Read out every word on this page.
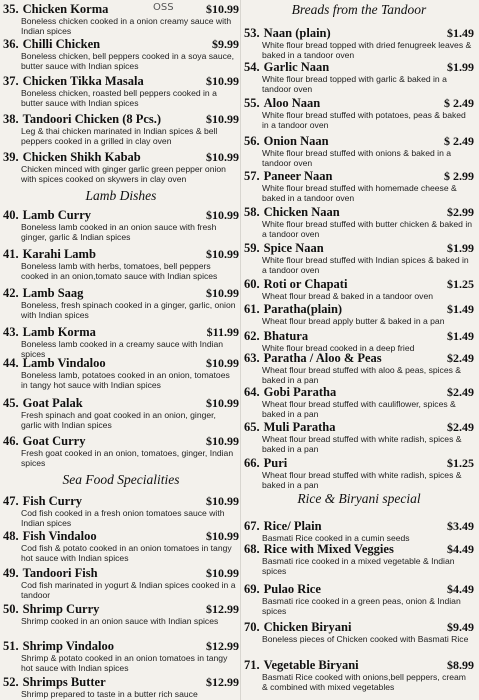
OSS
35. Chicken Korma	$10.99
Boneless chicken cooked in a onion creamy sauce with Indian spices
36. Chilli Chicken	$9.99
Boneless chicken, bell peppers cooked in a soya sauce, butter sauce with Indian spices
37. Chicken Tikka Masala	$10.99
Boneless chicken, roasted bell peppers cooked in a butter sauce with Indian spices
38. Tandoori Chicken (8 Pcs.)	$10.99
Leg & thai chicken marinated in Indian spices & bell peppers cooked in a grilled in clay oven
39. Chicken Shikh Kabab	$10.99
Chicken minced with ginger garlic green pepper onion with spices cooked on skywers in clay oven
Lamb Dishes
40. Lamb Curry	$10.99
Boneless lamb cooked in an onion sauce with fresh ginger, garlic & Indian spices
41. Karahi Lamb	$10.99
Boneless lamb with herbs, tomatoes, bell peppers cooked in an onion,tomato sauce with Indian spices
42. Lamb Saag	$10.99
Boneless, fresh spinach cooked in a ginger, garlic, onion with Indian spices
43. Lamb Korma	$11.99
Boneless lamb cooked in a creamy sauce with Indian spices
44. Lamb Vindaloo	$10.99
Boneless lamb, potatoes cooked in an onion, tomatoes in tangy hot sauce with Indian spices
45. Goat Palak	$10.99
Fresh spinach and goat cooked in an onion, ginger, garlic with Indian spices
46. Goat Curry	$10.99
Fresh goat cooked in an onion, tomatoes, ginger, Indian spices
Sea Food Specialities
47. Fish Curry	$10.99
Cod fish cooked in a fresh onion tomatoes sauce with Indian spices
48. Fish Vindaloo	$10.99
Cod fish & potato cooked in an onion tomatoes in tangy hot sauce with Indian spices
49. Tandoori Fish	$10.99
Cod fish marinated in yogurt & Indian spices cooked in a tandoor
50. Shrimp Curry	$12.99
Shrimp cooked in an onion sauce with Indian spices
51. Shrimp Vindaloo	$12.99
Shrimp & potato cooked in an onion tomatoes in tangy hot sauce with Indian spices
52. Shrimps Butter	$12.99
Shrimp prepared to taste in a butter rich sauce
Breads from the Tandoor
53. Naan (plain)	$1.49
White flour bread topped with dried fenugreek leaves & baked in a tandoor oven
54. Garlic Naan	$1.99
White flour bread topped with garlic & baked in a tandoor oven
55. Aloo Naan	$ 2.49
White flour bread stuffed with potatoes, peas & baked in a tandoor oven
56. Onion Naan	$ 2.49
White flour bread stuffed with onions & baked in a tandoor oven
57. Paneer Naan	$ 2.99
White flour bread stuffed with homemade cheese & baked in a tandoor oven
58. Chicken Naan	$2.99
White flour bread stuffed with butter chicken & baked in a tandoor oven
59. Spice Naan	$1.99
White flour bread stuffed with Indian spices & baked in a tandoor oven
60. Roti or Chapati	$1.25
Wheat flour bread & baked in a tandoor oven
61. Paratha(plain)	$1.49
Wheat flour bread apply butter & baked in a pan
62. Bhatura	$1.49
White flour bread cooked in a deep fried
63. Paratha / Aloo & Peas	$2.49
Wheat flour bread stuffed with aloo & peas, spices & baked in a pan
64. Gobi Paratha	$2.49
Wheat flour bread stuffed with cauliflower, spices & baked in a pan
65. Muli Paratha	$2.49
Wheat flour bread stuffed with white radish, spices & baked in a pan
66. Puri	$1.25
Wheat flour bread stuffed with white radish, spices & baked in a pan
Rice & Biryani special
67. Rice/ Plain	$3.49
Basmati Rice cooked in a cumin seeds
68. Rice with Mixed Veggies	$4.49
Basmati rice cooked in a mixed vegetable & Indian spices
69. Pulao Rice	$4.49
Basmati rice cooked in a green peas, onion & Indian spices
70. Chicken Biryani	$9.49
Boneless pieces of Chicken cooked with Basmati Rice
71. Vegetable Biryani	$8.99
Basmati Rice cooked with onions,bell peppers, cream & combined with mixed vegetables
